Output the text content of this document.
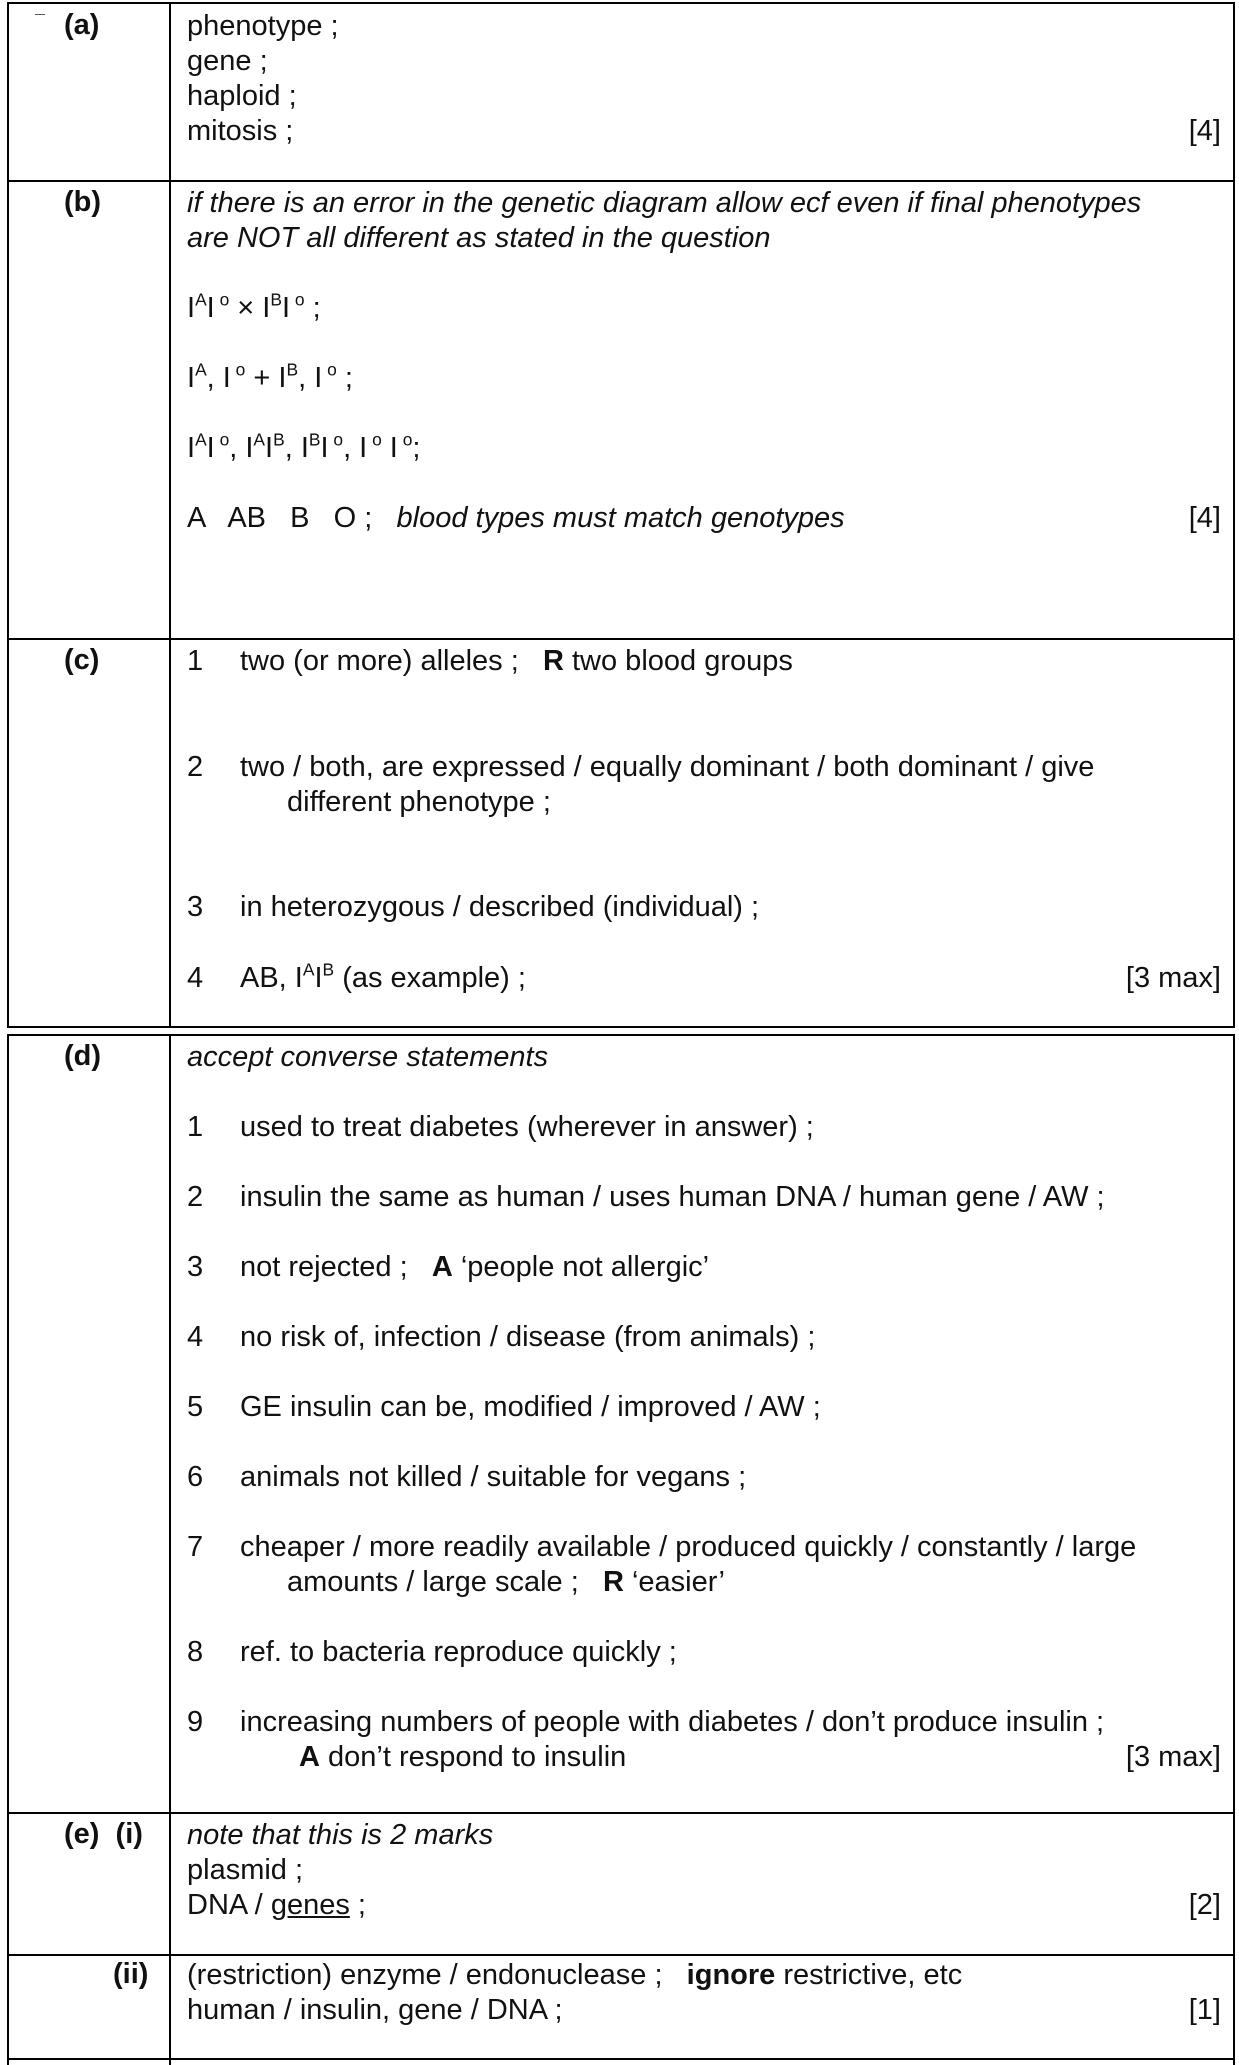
(a)	phenotype ;
gene ;
haploid ;
mitosis ;	[4]
(b)	if there is an error in the genetic diagram allow ecf even if final phenotypes
are NOT all different as stated in the question
$I^AI$ $^o \times I^BI$ $^o$ ;
$I^A$, I $^o + I^B$, I $^o$ ;
$I^AI$ $^o$, $I^AI^B$, $I^BI$ $^o$, I $^o$ I $^o$;
A   AB   B   O ; blood types must match genotypes	[4]
(c)	1 two (or more) alleles ; R two blood groups
2 two / both, are expressed / equally dominant / both dominant / give
different phenotype ;
3 in heterozygous / described (individual) ;
4 AB, $I^AI^B$ (as example) ;	[3 max]
(d)	accept converse statements
1 used to treat diabetes (wherever in answer) ;
2 insulin the same as human / uses human DNA / human gene / AW ;
3 not rejected ; A ‘people not allergic’
4 no risk of, infection / disease (from animals) ;
5 GE insulin can be, modified / improved / AW ;
6 animals not killed / suitable for vegans ;
7 cheaper / more readily available / produced quickly / constantly / large
amounts / large scale ; R ‘easier’
8 ref. to bacteria reproduce quickly ;
9 increasing numbers of people with diabetes / don’t produce insulin ;
A don’t respond to insulin	[3 max]
(e)  (i) note that this is 2 marks
plasmid ;
DNA / genes ;	[2]
(ii) (restriction) enzyme / endonuclease ; ignore restrictive, etc
human / insulin, gene / DNA ;	[1]
